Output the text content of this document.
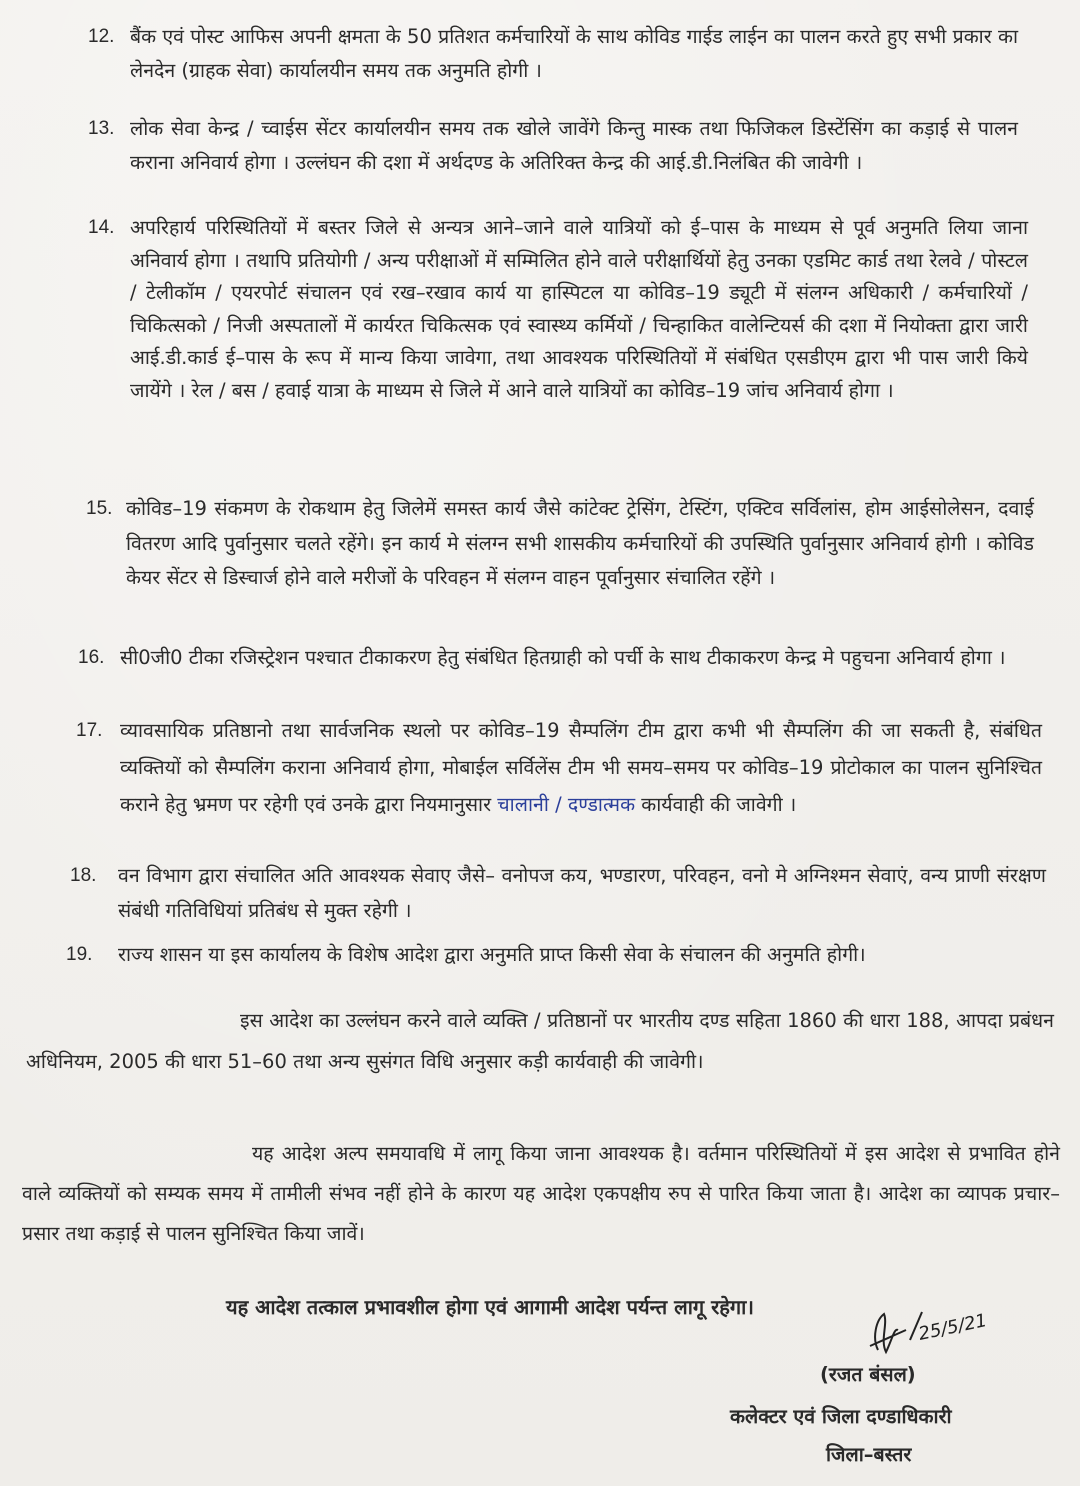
12. बैंक एवं पोस्ट आफिस अपनी क्षमता के 50 प्रतिशत कर्मचारियों के साथ कोविड गाईड लाईन का पालन करते हुए सभी प्रकार का लेनदेन (ग्राहक सेवा) कार्यालयीन समय तक अनुमति होगी ।
13. लोक सेवा केन्द्र / च्वाईस सेंटर कार्यालयीन समय तक खोले जावेंगे किन्तु मास्क तथा फिजिकल डिस्टेंसिंग का कड़ाई से पालन कराना अनिवार्य होगा । उल्लंघन की दशा में अर्थदण्ड के अतिरिक्त केन्द्र की आई.डी.निलंबित की जावेगी ।
14. अपरिहार्य परिस्थितियों में बस्तर जिले से अन्यत्र आने–जाने वाले यात्रियों को ई–पास के माध्यम से पूर्व अनुमति लिया जाना अनिवार्य होगा । तथापि प्रतियोगी / अन्य परीक्षाओं में सम्मिलित होने वाले परीक्षार्थियों हेतु उनका एडमिट कार्ड तथा रेलवे / पोस्टल / टेलीकॉम / एयरपोर्ट संचालन एवं रख–रखाव कार्य या हास्पिटल या कोविड–19 ड्यूटी में संलग्न अधिकारी / कर्मचारियों / चिकित्सको / निजी अस्पतालों में कार्यरत चिकित्सक एवं स्वास्थ्य कर्मियों / चिन्हाकित वालेन्टियर्स की दशा में नियोक्ता द्वारा जारी आई.डी.कार्ड ई–पास के रूप में मान्य किया जावेगा, तथा आवश्यक परिस्थितियों में संबंधित एसडीएम द्वारा भी पास जारी किये जायेंगे । रेल / बस / हवाई यात्रा के माध्यम से जिले में आने वाले यात्रियों का कोविड–19 जांच अनिवार्य होगा ।
15. कोविड–19 संकमण के रोकथाम हेतु जिलेमें समस्त कार्य जैसे कांटेक्ट ट्रेसिंग, टेस्टिंग, एक्टिव सर्विलांस, होम आईसोलेसन, दवाई वितरण आदि पुर्वानुसार चलते रहेंगे। इन कार्य मे संलग्न सभी शासकीय कर्मचारियों की उपस्थिति पुर्वानुसार अनिवार्य होगी । कोविड केयर सेंटर से डिस्चार्ज होने वाले मरीजों के परिवहन में संलग्न वाहन पूर्वानुसार संचालित रहेंगे ।
16. सी0जी0 टीका रजिस्ट्रेशन पश्चात टीकाकरण हेतु संबंधित हितग्राही को पर्ची के साथ टीकाकरण केन्द्र मे पहुचना अनिवार्य होगा ।
17. व्यावसायिक प्रतिष्ठानो तथा सार्वजनिक स्थलो पर कोविड–19 सैम्पलिंग टीम द्वारा कभी भी सैम्पलिंग की जा सकती है, संबंधित व्यक्तियों को सैम्पलिंग कराना अनिवार्य होगा, मोबाईल सर्विलेंस टीम भी समय–समय पर कोविड–19 प्रोटोकाल का पालन सुनिश्चित कराने हेतु भ्रमण पर रहेगी एवं उनके द्वारा नियमानुसार चालानी / दण्डात्मक कार्यवाही की जावेगी ।
18. वन विभाग द्वारा संचालित अति आवश्यक सेवाए जैसे– वनोपज कय, भण्डारण, परिवहन, वनो मे अग्निश्मन सेवाएं, वन्य प्राणी संरक्षण संबंधी गतिविधियां प्रतिबंध से मुक्त रहेगी ।
19. राज्य शासन या इस कार्यालय के विशेष आदेश द्वारा अनुमति प्राप्त किसी सेवा के संचालन की अनुमति होगी।
इस आदेश का उल्लंघन करने वाले व्यक्ति / प्रतिष्ठानों पर भारतीय दण्ड सहिता 1860 की धारा 188, आपदा प्रबंधन अधिनियम, 2005 की धारा 51–60 तथा अन्य सुसंगत विधि अनुसार कड़ी कार्यवाही की जावेगी।
यह आदेश अल्प समयावधि में लागू किया जाना आवश्यक है। वर्तमान परिस्थितियों में इस आदेश से प्रभावित होने वाले व्यक्तियों को सम्यक समय में तामीली संभव नहीं होने के कारण यह आदेश एकपक्षीय रुप से पारित किया जाता है। आदेश का व्यापक प्रचार–प्रसार तथा कड़ाई से पालन सुनिश्चित किया जावें।
यह आदेश तत्काल प्रभावशील होगा एवं आगामी आदेश पर्यन्त लागू रहेगा।
25/5/21
(रजत बंसल)
कलेक्टर एवं जिला दण्डाधिकारी
जिला–बस्तर
